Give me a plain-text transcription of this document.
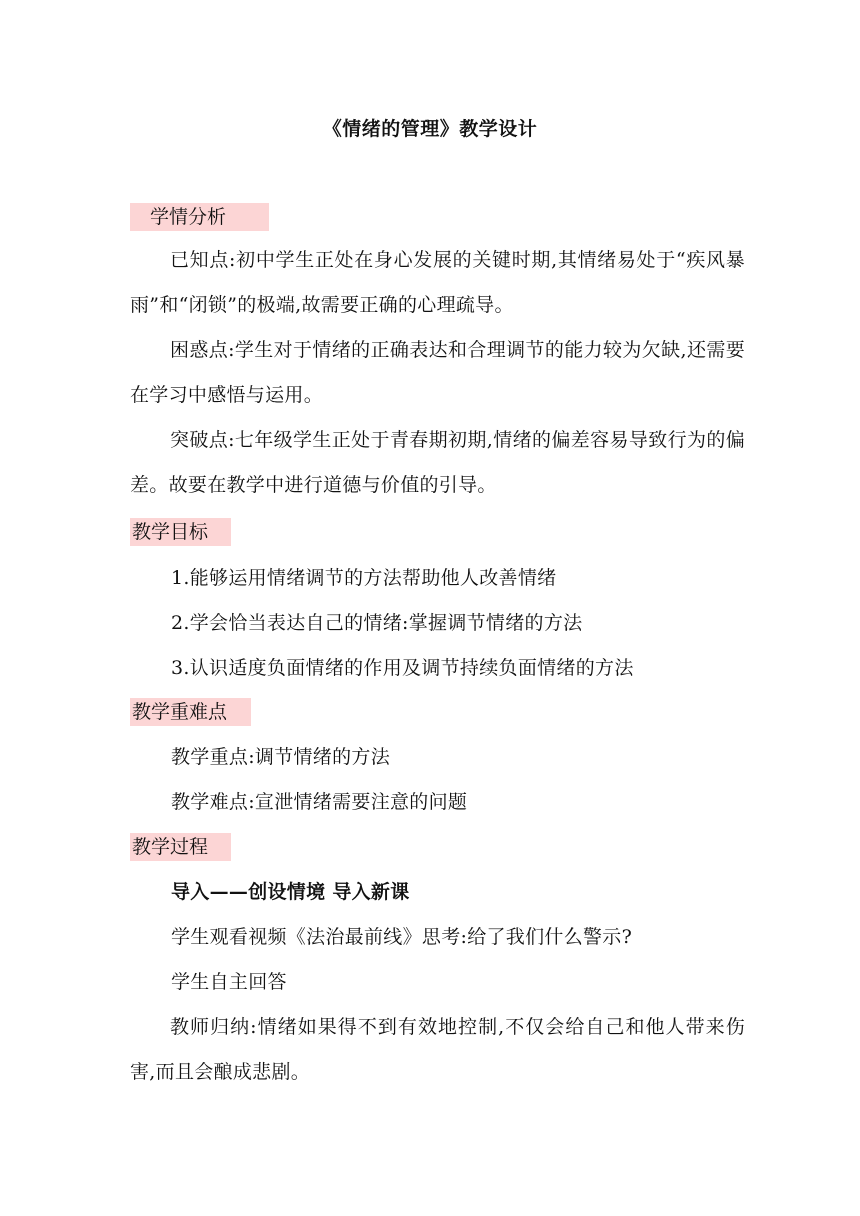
《情绪的管理》教学设计
学情分析
已知点:初中学生正处在身心发展的关键时期,其情绪易处于“疾风暴雨”和“闭锁”的极端,故需要正确的心理疏导。
困惑点:学生对于情绪的正确表达和合理调节的能力较为欠缺,还需要在学习中感悟与运用。
突破点:七年级学生正处于青春期初期,情绪的偏差容易导致行为的偏差。故要在教学中进行道德与价值的引导。
教学目标
1.能够运用情绪调节的方法帮助他人改善情绪
2.学会恰当表达自己的情绪:掌握调节情绪的方法
3.认识适度负面情绪的作用及调节持续负面情绪的方法
教学重难点
教学重点:调节情绪的方法
教学难点:宣泄情绪需要注意的问题
教学过程
导入——创设情境 导入新课
学生观看视频《法治最前线》思考:给了我们什么警示?
学生自主回答
教师归纳:情绪如果得不到有效地控制,不仅会给自己和他人带来伤害,而且会酿成悲剧。
